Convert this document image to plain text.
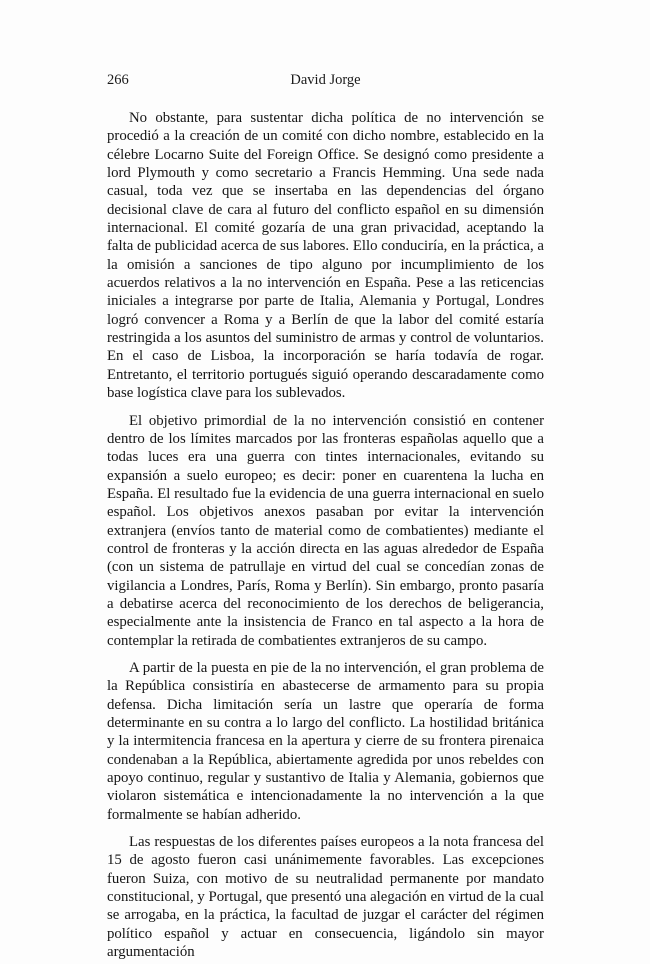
266	David Jorge

No obstante, para sustentar dicha política de no intervención se procedió a la creación de un comité con dicho nombre, establecido en la célebre Locarno Suite del Foreign Office. Se designó como presidente a lord Plymouth y como secretario a Francis Hemming. Una sede nada casual, toda vez que se insertaba en las dependencias del órgano decisional clave de cara al futuro del conflicto español en su dimensión internacional. El comité gozaría de una gran privacidad, aceptando la falta de publicidad acerca de sus labores. Ello conduciría, en la práctica, a la omisión a sanciones de tipo alguno por incumplimiento de los acuerdos relativos a la no intervención en España. Pese a las reticencias iniciales a integrarse por parte de Italia, Alemania y Portugal, Londres logró convencer a Roma y a Berlín de que la labor del comité estaría restringida a los asuntos del suministro de armas y control de voluntarios. En el caso de Lisboa, la incorporación se haría todavía de rogar. Entretanto, el territorio portugués siguió operando descaradamente como base logística clave para los sublevados.

El objetivo primordial de la no intervención consistió en contener dentro de los límites marcados por las fronteras españolas aquello que a todas luces era una guerra con tintes internacionales, evitando su expansión a suelo europeo; es decir: poner en cuarentena la lucha en España. El resultado fue la evidencia de una guerra internacional en suelo español. Los objetivos anexos pasaban por evitar la intervención extranjera (envíos tanto de material como de combatientes) mediante el control de fronteras y la acción directa en las aguas alrededor de España (con un sistema de patrullaje en virtud del cual se concedían zonas de vigilancia a Londres, París, Roma y Berlín). Sin embargo, pronto pasaría a debatirse acerca del reconocimiento de los derechos de beligerancia, especialmente ante la insistencia de Franco en tal aspecto a la hora de contemplar la retirada de combatientes extranjeros de su campo.

A partir de la puesta en pie de la no intervención, el gran problema de la República consistiría en abastecerse de armamento para su propia defensa. Dicha limitación sería un lastre que operaría de forma determinante en su contra a lo largo del conflicto. La hostilidad británica y la intermitencia francesa en la apertura y cierre de su frontera pirenaica condenaban a la República, abiertamente agredida por unos rebeldes con apoyo continuo, regular y sustantivo de Italia y Alemania, gobiernos que violaron sistemática e intencionadamente la no intervención a la que formalmente se habían adherido.

Las respuestas de los diferentes países europeos a la nota francesa del 15 de agosto fueron casi unánimemente favorables. Las excepciones fueron Suiza, con motivo de su neutralidad permanente por mandato constitucional, y Portugal, que presentó una alegación en virtud de la cual se arrogaba, en la práctica, la facultad de juzgar el carácter del régimen político español y actuar en consecuencia, ligándolo sin mayor argumentación
